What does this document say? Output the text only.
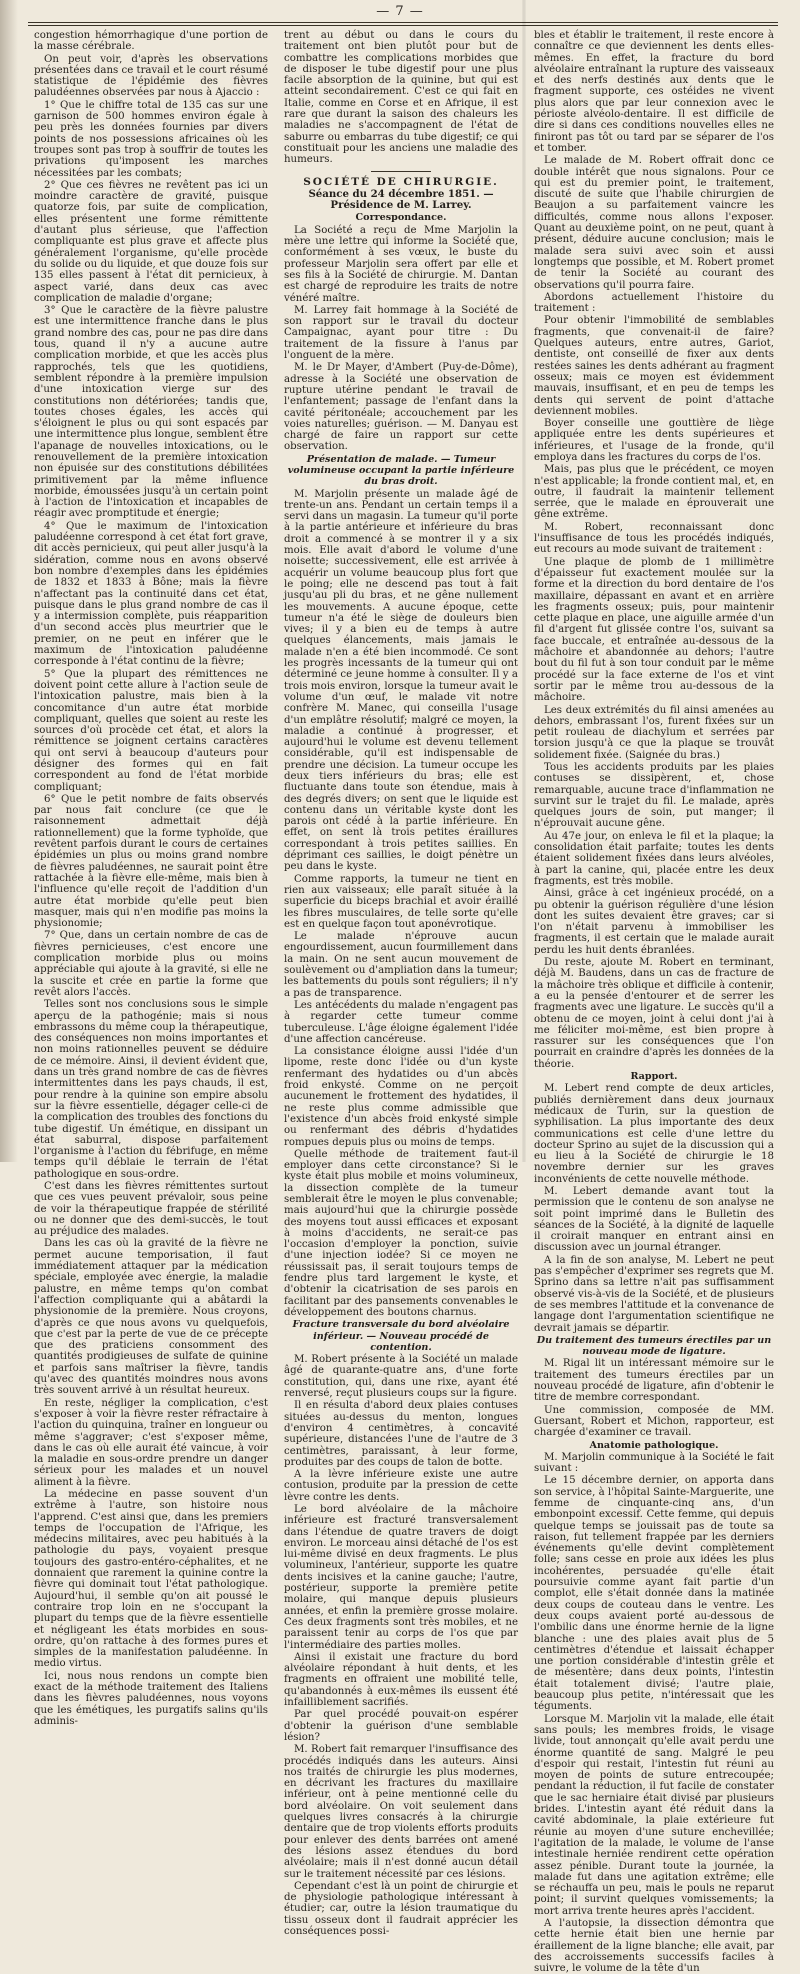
— 7 —

congestion hémorrhagique d'une portion de la masse cérébrale.

On peut voir, d'après les observations présentées dans ce travail et le court résumé statistique de l'épidémie des fièvres paludéennes observées par nous à Ajaccio :

1° Que le chiffre total de 135 cas sur une garnison de 500 hommes environ égale à peu près les données fournies par divers points de nos possessions africaines où les troupes sont pas trop à souffrir de toutes les privations qu'imposent les marches nécessitées par les combats;

2° Que ces fièvres ne revêtent pas ici un moindre caractère de gravité, puisque quatorze fois, par suite de complication, elles présentent une forme rémittente d'autant plus sérieuse, que l'affection compliquante est plus grave et affecte plus généralement l'organisme, qu'elle procède du solide ou du liquide, et que douze fois sur 135 elles passent à l'état dit pernicieux, à aspect varié, dans deux cas avec complication de maladie d'organe;

3° Que le caractère de la fièvre palustre est une intermittence franche dans le plus grand nombre des cas, pour ne pas dire dans tous, quand il n'y a aucune autre complication morbide, et que les accès plus rapprochés, tels que les quotidiens, semblent répondre à la première impulsion d'une intoxication vierge sur des constitutions non détériorées; tandis que, toutes choses égales, les accès qui s'éloignent le plus ou qui sont espacés par une intermittence plus longue, semblent être l'apanage de nouvelles intoxications, ou le renouvellement de la première intoxication non épuisée sur des constitutions débilitées primitivement par la même influence morbide, émoussées jusqu'à un certain point à l'action de l'intoxication et incapables de réagir avec promptitude et énergie;

4° Que le maximum de l'intoxication paludéenne correspond à cet état fort grave, dit accès pernicieux, qui peut aller jusqu'à la sidération, comme nous en avons observé bon nombre d'exemples dans les épidémies de 1832 et 1833 à Bône; mais la fièvre n'affectant pas la continuité dans cet état, puisque dans le plus grand nombre de cas il y a intermission complète, puis réapparition d'un second accès plus meurtrier que le premier, on ne peut en inférer que le maximum de l'intoxication paludéenne corresponde à l'état continu de la fièvre;

5° Que la plupart des rémittences ne doivent point cette allure à l'action seule de l'intoxication palustre, mais bien à la concomitance d'un autre état morbide compliquant, quelles que soient au reste les sources d'où procède cet état, et alors la rémittence se joignent certains caractères qui ont servi à beaucoup d'auteurs pour désigner des formes qui en fait correspondent au fond de l'état morbide compliquant;

6° Que le petit nombre de faits observés par nous fait conclure (ce que le raisonnement admettait déjà rationnellement) que la forme typhoïde, que revêtent parfois durant le cours de certaines épidémies un plus ou moins grand nombre de fièvres paludéennes, ne saurait point être rattachée à la fièvre elle-même, mais bien à l'influence qu'elle reçoit de l'addition d'un autre état morbide qu'elle peut bien masquer, mais qui n'en modifie pas moins la physionomie;

7° Que, dans un certain nombre de cas de fièvres pernicieuses, c'est encore une complication morbide plus ou moins appréciable qui ajoute à la gravité, si elle ne la suscite et crée en partie la forme que revêt alors l'accès.

Telles sont nos conclusions sous le simple aperçu de la pathogénie; mais si nous embrassons du même coup la thérapeutique, des conséquences non moins importantes et non moins rationnelles peuvent se déduire de ce mémoire. Ainsi, il devient évident que, dans un très grand nombre de cas de fièvres intermittentes dans les pays chauds, il est, pour rendre à la quinine son empire absolu sur la fièvre essentielle, dégager celle-ci de la complication des troubles des fonctions du tube digestif. Un émétique, en dissipant un état saburral, dispose parfaitement l'organisme à l'action du fébrifuge, en même temps qu'il déblaie le terrain de l'état pathologique en sous-ordre.

C'est dans les fièvres rémittentes surtout que ces vues peuvent prévaloir, sous peine de voir la thérapeutique frappée de stérilité ou ne donner que des demi-succès, le tout au préjudice des malades.

Dans les cas où la gravité de la fièvre ne permet aucune temporisation, il faut immédiatement attaquer par la médication spéciale, employée avec énergie, la maladie palustre, en même temps qu'on combat l'affection compliquante qui a abâtardi la physionomie de la première. Nous croyons, d'après ce que nous avons vu quelquefois, que c'est par la perte de vue de ce précepte que des praticiens consomment des quantités prodigieuses de sulfate de quinine et parfois sans maîtriser la fièvre, tandis qu'avec des quantités moindres nous avons très souvent arrivé à un résultat heureux.

En reste, négliger la complication, c'est s'exposer à voir la fièvre rester réfractaire à l'action du quinquina, traîner en longueur ou même s'aggraver; c'est s'exposer même, dans le cas où elle aurait été vaincue, à voir la maladie en sous-ordre prendre un danger sérieux pour les malades et un nouvel aliment à la fièvre.

La médecine en passe souvent d'un extrême à l'autre, son histoire nous l'apprend. C'est ainsi que, dans les premiers temps de l'occupation de l'Afrique, les médecins militaires, avec peu habitués à la pathologie du pays, voyaient presque toujours des gastro-entéro-céphalites, et ne donnaient que rarement la quinine contre la fièvre qui dominait tout l'état pathologique. Aujourd'hui, il semble qu'on ait poussé le contraire trop loin en ne s'occupant la plupart du temps que de la fièvre essentielle et négligeant les états morbides en sous-ordre, qu'on rattache à des formes pures et simples de la manifestation paludéenne. In medio virtus.

Ici, nous nous rendons un compte bien exact de la méthode traitement des Italiens dans les fièvres paludéennes, nous voyons que les émétiques, les purgatifs salins qu'ils adminis-

trent au début ou dans le cours du traitement ont bien plutôt pour but de combattre les complications morbides que de disposer le tube digestif pour une plus facile absorption de la quinine, but qui est atteint secondairement. C'est ce qui fait en Italie, comme en Corse et en Afrique, il est rare que durant la saison des chaleurs les maladies ne s'accompagnent de l'état de saburre ou embarras du tube digestif; ce qui constituait pour les anciens une maladie des humeurs.

SOCIÉTÉ DE CHIRURGIE.

Séance du 24 décembre 1851. — Présidence de M. Larrey.

Correspondance.

La Société a reçu de Mme Marjolin la mère une lettre qui informe la Société que, conformément à ses vœux, le buste du professeur Marjolin sera offert par elle et ses fils à la Société de chirurgie. M. Dantan est chargé de reproduire les traits de notre vénéré maître.

M. Larrey fait hommage à la Société de son rapport sur le travail du docteur Campaignac, ayant pour titre : Du traitement de la fissure à l'anus par l'onguent de la mère.

M. le Dr Mayer, d'Ambert (Puy-de-Dôme), adresse à la Société une observation de rupture utérine pendant le travail de l'enfantement; passage de l'enfant dans la cavité péritonéale; accouchement par les voies naturelles; guérison. — M. Danyau est chargé de faire un rapport sur cette observation.

Présentation de malade. — Tumeur volumineuse occupant la partie inférieure du bras droit.

M. Marjolin présente un malade âgé de trente-un ans. Pendant un certain temps il a servi dans un magasin. La tumeur qu'il porte à la partie antérieure et inférieure du bras droit a commencé à se montrer il y a six mois. Elle avait d'abord le volume d'une noisette; successivement, elle est arrivée à acquérir un volume beaucoup plus fort que le poing; elle ne descend pas tout à fait jusqu'au pli du bras, et ne gêne nullement les mouvements. A aucune époque, cette tumeur n'a été le siège de douleurs bien vives; il y a bien eu de temps à autre quelques élancements, mais jamais le malade n'en a été bien incommodé. Ce sont les progrès incessants de la tumeur qui ont déterminé ce jeune homme à consulter. Il y a trois mois environ, lorsque la tumeur avait le volume d'un œuf, le malade vit notre confrère M. Manec, qui conseilla l'usage d'un emplâtre résolutif; malgré ce moyen, la maladie a continué à progresser, et aujourd'hui le volume est devenu tellement considérable, qu'il est indispensable de prendre une décision. La tumeur occupe les deux tiers inférieurs du bras; elle est fluctuante dans toute son étendue, mais à des degrés divers; on sent que le liquide est contenu dans un véritable kyste dont les parois ont cédé à la partie inférieure. En effet, on sent là trois petites éraillures correspondant à trois petites saillies. En déprimant ces saillies, le doigt pénètre un peu dans le kyste.

Comme rapports, la tumeur ne tient en rien aux vaisseaux; elle paraît située à la superficie du biceps brachial et avoir éraillé les fibres musculaires, de telle sorte qu'elle est en quelque façon tout aponévrotique.

Le malade n'éprouve aucun engourdissement, aucun fourmillement dans la main. On ne sent aucun mouvement de soulèvement ou d'ampliation dans la tumeur; les battements du pouls sont réguliers; il n'y a pas de transparence.

Les antécédents du malade n'engagent pas à regarder cette tumeur comme tuberculeuse. L'âge éloigne également l'idée d'une affection cancéreuse.

La consistance éloigne aussi l'idée d'un lipome, reste donc l'idée ou d'un kyste renfermant des hydatides ou d'un abcès froid enkysté. Comme on ne perçoit aucunement le frottement des hydatides, il ne reste plus comme admissible que l'existence d'un abcès froid enkysté simple ou renfermant des débris d'hydatides rompues depuis plus ou moins de temps.

Quelle méthode de traitement faut-il employer dans cette circonstance? Si le kyste était plus mobile et moins volumineux, la dissection complète de la tumeur semblerait être le moyen le plus convenable; mais aujourd'hui que la chirurgie possède des moyens tout aussi efficaces et exposant à moins d'accidents, ne serait-ce pas l'occasion d'employer la ponction, suivie d'une injection iodée? Si ce moyen ne réussissait pas, il serait toujours temps de fendre plus tard largement le kyste, et d'obtenir la cicatrisation de ses parois en facilitant par des pansements convenables le développement des boutons charnus.

Fracture transversale du bord alvéolaire inférieur. — Nouveau procédé de contention.

M. Robert présente à la Société un malade âgé de quarante-quatre ans, d'une forte constitution, qui, dans une rixe, ayant été renversé, reçut plusieurs coups sur la figure.

Il en résulta d'abord deux plaies contuses situées au-dessus du menton, longues d'environ 4 centimètres, à concavité supérieure, distancées l'une de l'autre de 3 centimètres, paraissant, à leur forme, produites par des coups de talon de botte.

A la lèvre inférieure existe une autre contusion, produite par la pression de cette lèvre contre les dents.

Le bord alvéolaire de la mâchoire inférieure est fracturé transversalement dans l'étendue de quatre travers de doigt environ. Le morceau ainsi détaché de l'os est lui-même divisé en deux fragments. Le plus volumineux, l'antérieur, supporte les quatre dents incisives et la canine gauche; l'autre, postérieur, supporte la première petite molaire, qui manque depuis plusieurs années, et enfin la première grosse molaire. Ces deux fragments sont très mobiles, et ne paraissent tenir au corps de l'os que par l'intermédiaire des parties molles.

Ainsi il existait une fracture du bord alvéolaire répondant à huit dents, et les fragments en offraient une mobilité telle, qu'abandonnés à eux-mêmes ils eussent été infailliblement sacrifiés.

Par quel procédé pouvait-on espérer d'obtenir la guérison d'une semblable lésion?

M. Robert fait remarquer l'insuffisance des procédés indiqués dans les auteurs. Ainsi nos traités de chirurgie les plus modernes, en décrivant les fractures du maxillaire inférieur, ont à peine mentionné celle du bord alvéolaire. On voit seulement dans quelques livres consacrés à la chirurgie dentaire que de trop violents efforts produits pour enlever des dents barrées ont amené des lésions assez étendues du bord alvéolaire; mais il n'est donné aucun détail sur le traitement nécessité par ces lésions.

Cependant c'est là un point de chirurgie et de physiologie pathologique intéressant à étudier; car, outre la lésion traumatique du tissu osseux dont il faudrait apprécier les conséquences possi-

bles et établir le traitement, il reste encore à connaître ce que deviennent les dents elles-mêmes. En effet, la fracture du bord alvéolaire entraînant la rupture des vaisseaux et des nerfs destinés aux dents que le fragment supporte, ces ostéides ne vivent plus alors que par leur connexion avec le périoste alvéolo-dentaire. Il est difficile de dire si dans ces conditions nouvelles elles ne finiront pas tôt ou tard par se séparer de l'os et tomber.

Le malade de M. Robert offrait donc ce double intérêt que nous signalons. Pour ce qui est du premier point, le traitement, discuté de suite que l'habile chirurgien de Beaujon a su parfaitement vaincre les difficultés, comme nous allons l'exposer. Quant au deuxième point, on ne peut, quant à présent, déduire aucune conclusion; mais le malade sera suivi avec soin et aussi longtemps que possible, et M. Robert promet de tenir la Société au courant des observations qu'il pourra faire.

Abordons actuellement l'histoire du traitement :

Pour obtenir l'immobilité de semblables fragments, que convenait-il de faire? Quelques auteurs, entre autres, Gariot, dentiste, ont conseillé de fixer aux dents restées saines les dents adhérant au fragment osseux; mais ce moyen est évidemment mauvais, insuffisant, et en peu de temps les dents qui servent de point d'attache deviennent mobiles.

Boyer conseille une gouttière de liège appliquée entre les dents supérieures et inférieures, et l'usage de la fronde, qu'il employa dans les fractures du corps de l'os.

Mais, pas plus que le précédent, ce moyen n'est applicable; la fronde contient mal, et, en outre, il faudrait la maintenir tellement serrée, que le malade en éprouverait une gêne extrême.

M. Robert, reconnaissant donc l'insuffisance de tous les procédés indiqués, eut recours au mode suivant de traitement :

Une plaque de plomb de 1 millimètre d'épaisseur fut exactement moulée sur la forme et la direction du bord dentaire de l'os maxillaire, dépassant en avant et en arrière les fragments osseux; puis, pour maintenir cette plaque en place, une aiguille armée d'un fil d'argent fut glissée contre l'os, suivant sa face buccale, et entraînée au-dessous de la mâchoire et abandonnée au dehors; l'autre bout du fil fut à son tour conduit par le même procédé sur la face externe de l'os et vint sortir par le même trou au-dessous de la mâchoire.

Les deux extrémités du fil ainsi amenées au dehors, embrassant l'os, furent fixées sur un petit rouleau de diachylum et serrées par torsion jusqu'à ce que la plaque se trouvât solidement fixée. (Saignée du bras.)

Tous les accidents produits par les plaies contuses se dissipèrent, et, chose remarquable, aucune trace d'inflammation ne survint sur le trajet du fil. Le malade, après quelques jours de soin, put manger; il n'éprouvait aucune gêne.

Au 47e jour, on enleva le fil et la plaque; la consolidation était parfaite; toutes les dents étaient solidement fixées dans leurs alvéoles, à part la canine, qui, placée entre les deux fragments, est très mobile.

Ainsi, grâce à cet ingénieux procédé, on a pu obtenir la guérison régulière d'une lésion dont les suites devaient être graves; car si l'on n'était parvenu à immobiliser les fragments, il est certain que le malade aurait perdu les huit dents ébranlées.

Du reste, ajoute M. Robert en terminant, déjà M. Baudens, dans un cas de fracture de la mâchoire très oblique et difficile à contenir, a eu la pensée d'entourer et de serrer les fragments avec une ligature. Le succès qu'il a obtenu de ce moyen, joint à celui dont j'ai à me féliciter moi-même, est bien propre à rassurer sur les conséquences que l'on pourrait en craindre d'après les données de la théorie.

Rapport.

M. Lebert rend compte de deux articles, publiés dernièrement dans deux journaux médicaux de Turin, sur la question de syphilisation. La plus importante des deux communications est celle d'une lettre du docteur Sprino au sujet de la discussion qui a eu lieu à la Société de chirurgie le 18 novembre dernier sur les graves inconvénients de cette nouvelle méthode.

M. Lebert demande avant tout la permission que le contenu de son analyse ne soit point imprimé dans le Bulletin des séances de la Société, à la dignité de laquelle il croirait manquer en entrant ainsi en discussion avec un journal étranger.

A la fin de son analyse, M. Lebert ne peut pas s'empêcher d'exprimer ses regrets que M. Sprino dans sa lettre n'ait pas suffisamment observé vis-à-vis de la Société, et de plusieurs de ses membres l'attitude et la convenance de langage dont l'argumentation scientifique ne devrait jamais se départir.

Du traitement des tumeurs érectiles par un nouveau mode de ligature.

M. Rigal lit un intéressant mémoire sur le traitement des tumeurs érectiles par un nouveau procédé de ligature, afin d'obtenir le titre de membre correspondant.

Une commission, composée de MM. Guersant, Robert et Michon, rapporteur, est chargée d'examiner ce travail.

Anatomie pathologique.

M. Marjolin communique à la Société le fait suivant :

Le 15 décembre dernier, on apporta dans son service, à l'hôpital Sainte-Marguerite, une femme de cinquante-cinq ans, d'un embonpoint excessif. Cette femme, qui depuis quelque temps se jouissait pas de toute sa raison, fut tellement frappée par les derniers événements qu'elle devint complètement folle; sans cesse en proie aux idées les plus incohérentes, persuadée qu'elle était poursuivie comme ayant fait partie d'un complot, elle s'était donnée dans la matinée deux coups de couteau dans le ventre. Les deux coups avaient porté au-dessous de l'ombilic dans une énorme hernie de la ligne blanche : une des plaies avait plus de 5 centimètres d'étendue et laissait échapper une portion considérable d'intestin grêle et de mésentère; dans deux points, l'intestin était totalement divisé; l'autre plaie, beaucoup plus petite, n'intéressait que les téguments.

Lorsque M. Marjolin vit la malade, elle était sans pouls; les membres froids, le visage livide, tout annonçait qu'elle avait perdu une énorme quantité de sang. Malgré le peu d'espoir qui restait, l'intestin fut réuni au moyen de points de suture entrecoupée; pendant la réduction, il fut facile de constater que le sac herniaire était divisé par plusieurs brides. L'intestin ayant été réduit dans la cavité abdominale, la plaie extérieure fut réunie au moyen d'une suture enchevillée; l'agitation de la malade, le volume de l'anse intestinale herniée rendirent cette opération assez pénible. Durant toute la journée, la malade fut dans une agitation extrême; elle se réchauffa un peu, mais le pouls ne reparut point; il survint quelques vomissements; la mort arriva trente heures après l'accident.

A l'autopsie, la dissection démontra que cette hernie était bien une hernie par éraillement de la ligne blanche; elle avait, par des accroissements successifs faciles à suivre, le volume de la tête d'un
